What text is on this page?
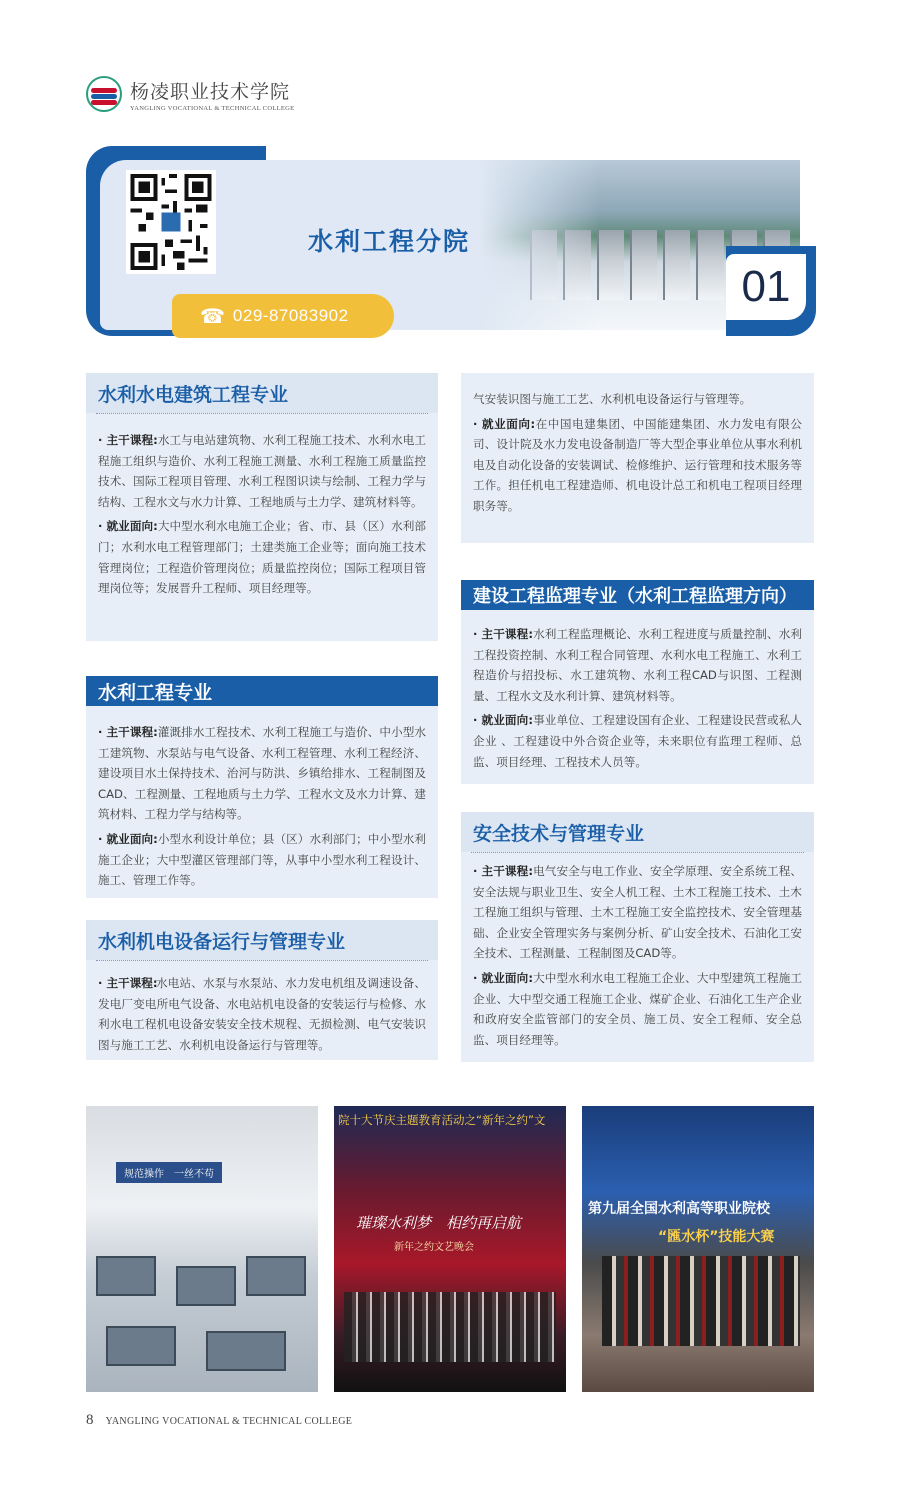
杨凌职业技术学院
YANGLING VOCATIONAL & TECHNICAL COLLEGE
水利工程分院
01
☎ 029-87083902
水利水电建筑工程专业
· 主干课程:水工与电站建筑物、水利工程施工技术、水利水电工程施工组织与造价、水利工程施工测量、水利工程施工质量监控技术、国际工程项目管理、水利工程图识读与绘制、工程力学与结构、工程水文与水力计算、工程地质与土力学、建筑材料等。
· 就业面向:大中型水利水电施工企业；省、市、县（区）水利部门；水利水电工程管理部门；土建类施工企业等；面向施工技术管理岗位；工程造价管理岗位；质量监控岗位；国际工程项目管理岗位等；发展晋升工程师、项目经理等。
水利工程专业
· 主干课程:灌溉排水工程技术、水利工程施工与造价、中小型水工建筑物、水泵站与电气设备、水利工程管理、水利工程经济、建设项目水土保持技术、治河与防洪、乡镇给排水、工程制图及CAD、工程测量、工程地质与土力学、工程水文及水力计算、建筑材料、工程力学与结构等。
· 就业面向:小型水利设计单位；县（区）水利部门；中小型水利施工企业；大中型灌区管理部门等，从事中小型水利工程设计、施工、管理工作等。
水利机电设备运行与管理专业
· 主干课程:
水电站、水泵与水泵站、水力发电机组及调速设备、发电厂变电所电气设备、水电站机电设备的安装运行与检修、水利水电工程机电设备安装安全技术规程、无损检测、电气安装识图与施工工艺、水利机电设备运行与管理等。
气安装识图与施工工艺、水利机电设备运行与管理等。
· 就业面向:在中国电建集团、中国能建集团、水力发电有限公司、设计院及水力发电设备制造厂等大型企事业单位从事水利机电及自动化设备的安装调试、检修维护、运行管理和技术服务等工作。担任机电工程建造师、机电设计总工和机电工程项目经理职务等。
建设工程监理专业（水利工程监理方向）
· 主干课程:水利工程监理概论、水利工程进度与质量控制、水利工程投资控制、水利工程合同管理、水利水电工程施工、水利工程造价与招投标、水工建筑物、水利工程CAD与识图、工程测量、工程水文及水利计算、建筑材料等。
· 就业面向:事业单位、工程建设国有企业、工程建设民营或私人企业 、工程建设中外合资企业等，未来职位有监理工程师、总监、项目经理、工程技术人员等。
安全技术与管理专业
· 主干课程:电气安全与电工作业、安全学原理、安全系统工程、安全法规与职业卫生、安全人机工程、土木工程施工技术、土木工程施工组织与管理、土木工程施工安全监控技术、安全管理基础、企业安全管理实务与案例分析、矿山安全技术、石油化工安全技术、工程测量、工程制图及CAD等。
· 就业面向:大中型水利水电工程施工企业、大中型建筑工程施工企业、大中型交通工程施工企业、煤矿企业、石油化工生产企业和政府安全监管部门的安全员、施工员、安全工程师、安全总监、项目经理等。
规范操作　一丝不苟
院十大节庆主题教育活动之“新年之约”文
璀璨水利梦　相约再启航
新年之约文艺晚会
第九届全国水利高等职业院校
“匯水杯”技能大赛
8 YANGLING VOCATIONAL & TECHNICAL COLLEGE
